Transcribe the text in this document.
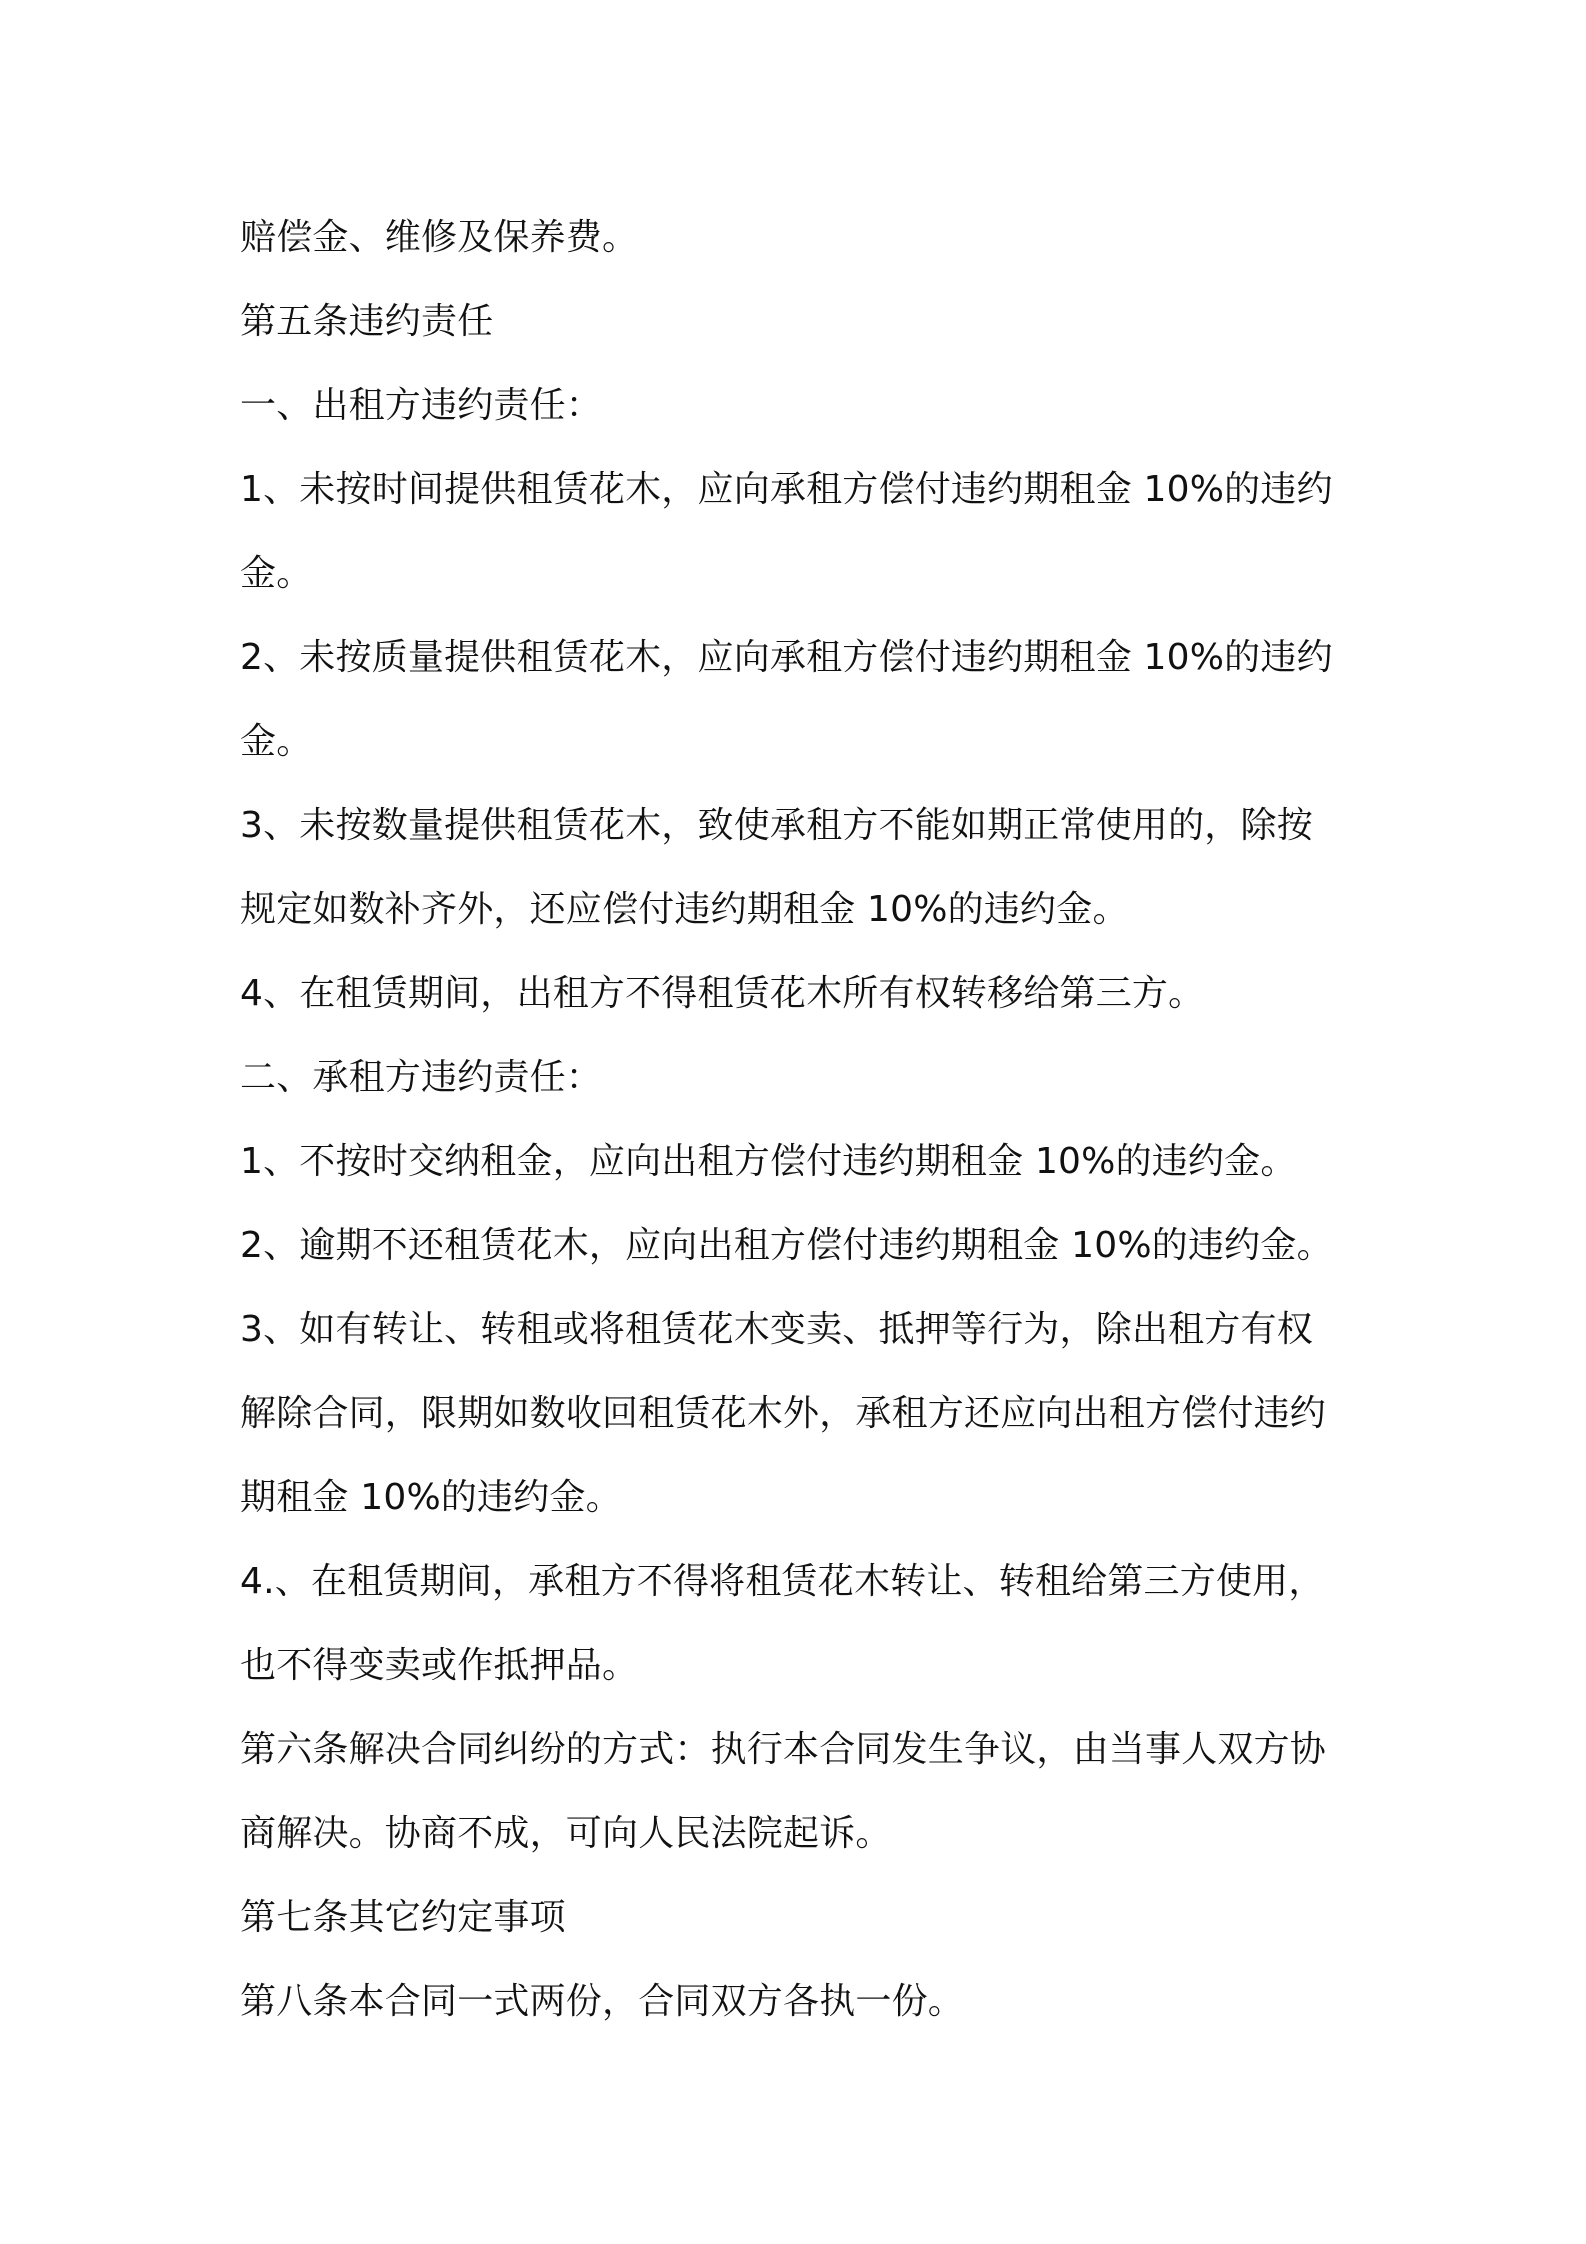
赔偿金、维修及保养费。

第五条违约责任

一、出租方违约责任：

1、未按时间提供租赁花木，应向承租方偿付违约期租金 10%的违约

金。

2、未按质量提供租赁花木，应向承租方偿付违约期租金 10%的违约

金。

3、未按数量提供租赁花木，致使承租方不能如期正常使用的，除按

规定如数补齐外，还应偿付违约期租金 10%的违约金。

4、在租赁期间，出租方不得租赁花木所有权转移给第三方。

二、承租方违约责任：

1、不按时交纳租金，应向出租方偿付违约期租金 10%的违约金。

2、逾期不还租赁花木，应向出租方偿付违约期租金 10%的违约金。

3、如有转让、转租或将租赁花木变卖、抵押等行为，除出租方有权

解除合同，限期如数收回租赁花木外，承租方还应向出租方偿付违约

期租金 10%的违约金。

4.、在租赁期间，承租方不得将租赁花木转让、转租给第三方使用，

也不得变卖或作抵押品。

第六条解决合同纠纷的方式：执行本合同发生争议，由当事人双方协

商解决。协商不成，可向人民法院起诉。

第七条其它约定事项

第八条本合同一式两份，合同双方各执一份。
